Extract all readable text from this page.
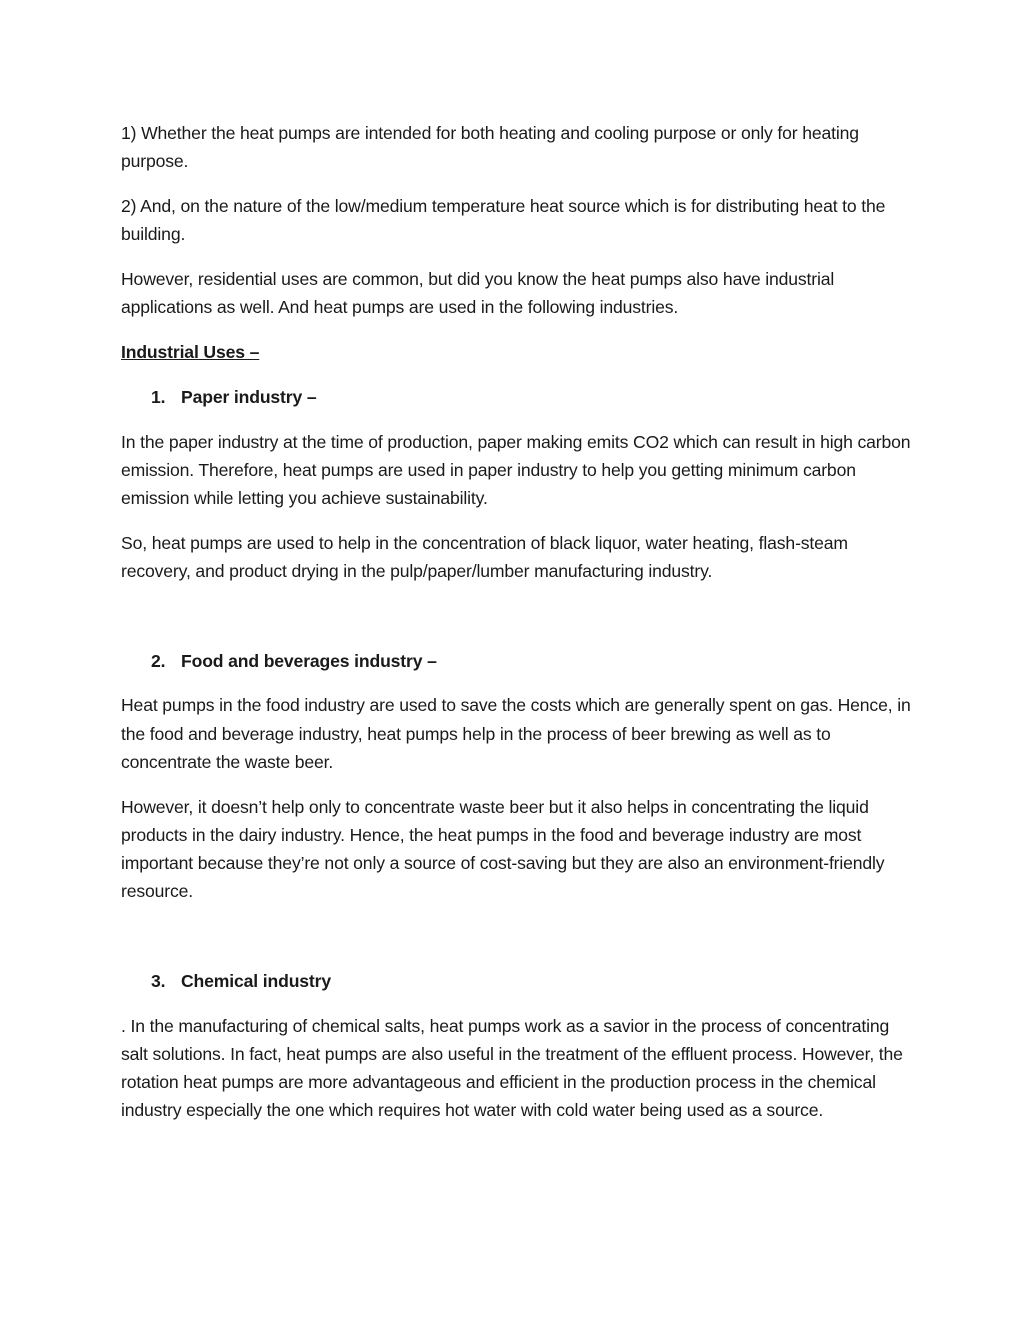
1) Whether the heat pumps are intended for both heating and cooling purpose or only for heating purpose.

2) And, on the nature of the low/medium temperature heat source which is for distributing heat to the building.

However, residential uses are common, but did you know the heat pumps also have industrial applications as well. And heat pumps are used in the following industries.

Industrial Uses –

1. Paper industry –

In the paper industry at the time of production, paper making emits CO2 which can result in high carbon emission. Therefore, heat pumps are used in paper industry to help you getting minimum carbon emission while letting you achieve sustainability.

So, heat pumps are used to help in the concentration of black liquor, water heating, flash-steam recovery, and product drying in the pulp/paper/lumber manufacturing industry.

2. Food and beverages industry –

Heat pumps in the food industry are used to save the costs which are generally spent on gas. Hence, in the food and beverage industry, heat pumps help in the process of beer brewing as well as to concentrate the waste beer.

However, it doesn’t help only to concentrate waste beer but it also helps in concentrating the liquid products in the dairy industry. Hence, the heat pumps in the food and beverage industry are most important because they’re not only a source of cost-saving but they are also an environment-friendly resource.

3. Chemical industry

. In the manufacturing of chemical salts, heat pumps work as a savior in the process of concentrating salt solutions. In fact, heat pumps are also useful in the treatment of the effluent process. However, the rotation heat pumps are more advantageous and efficient in the production process in the chemical industry especially the one which requires hot water with cold water being used as a source.
